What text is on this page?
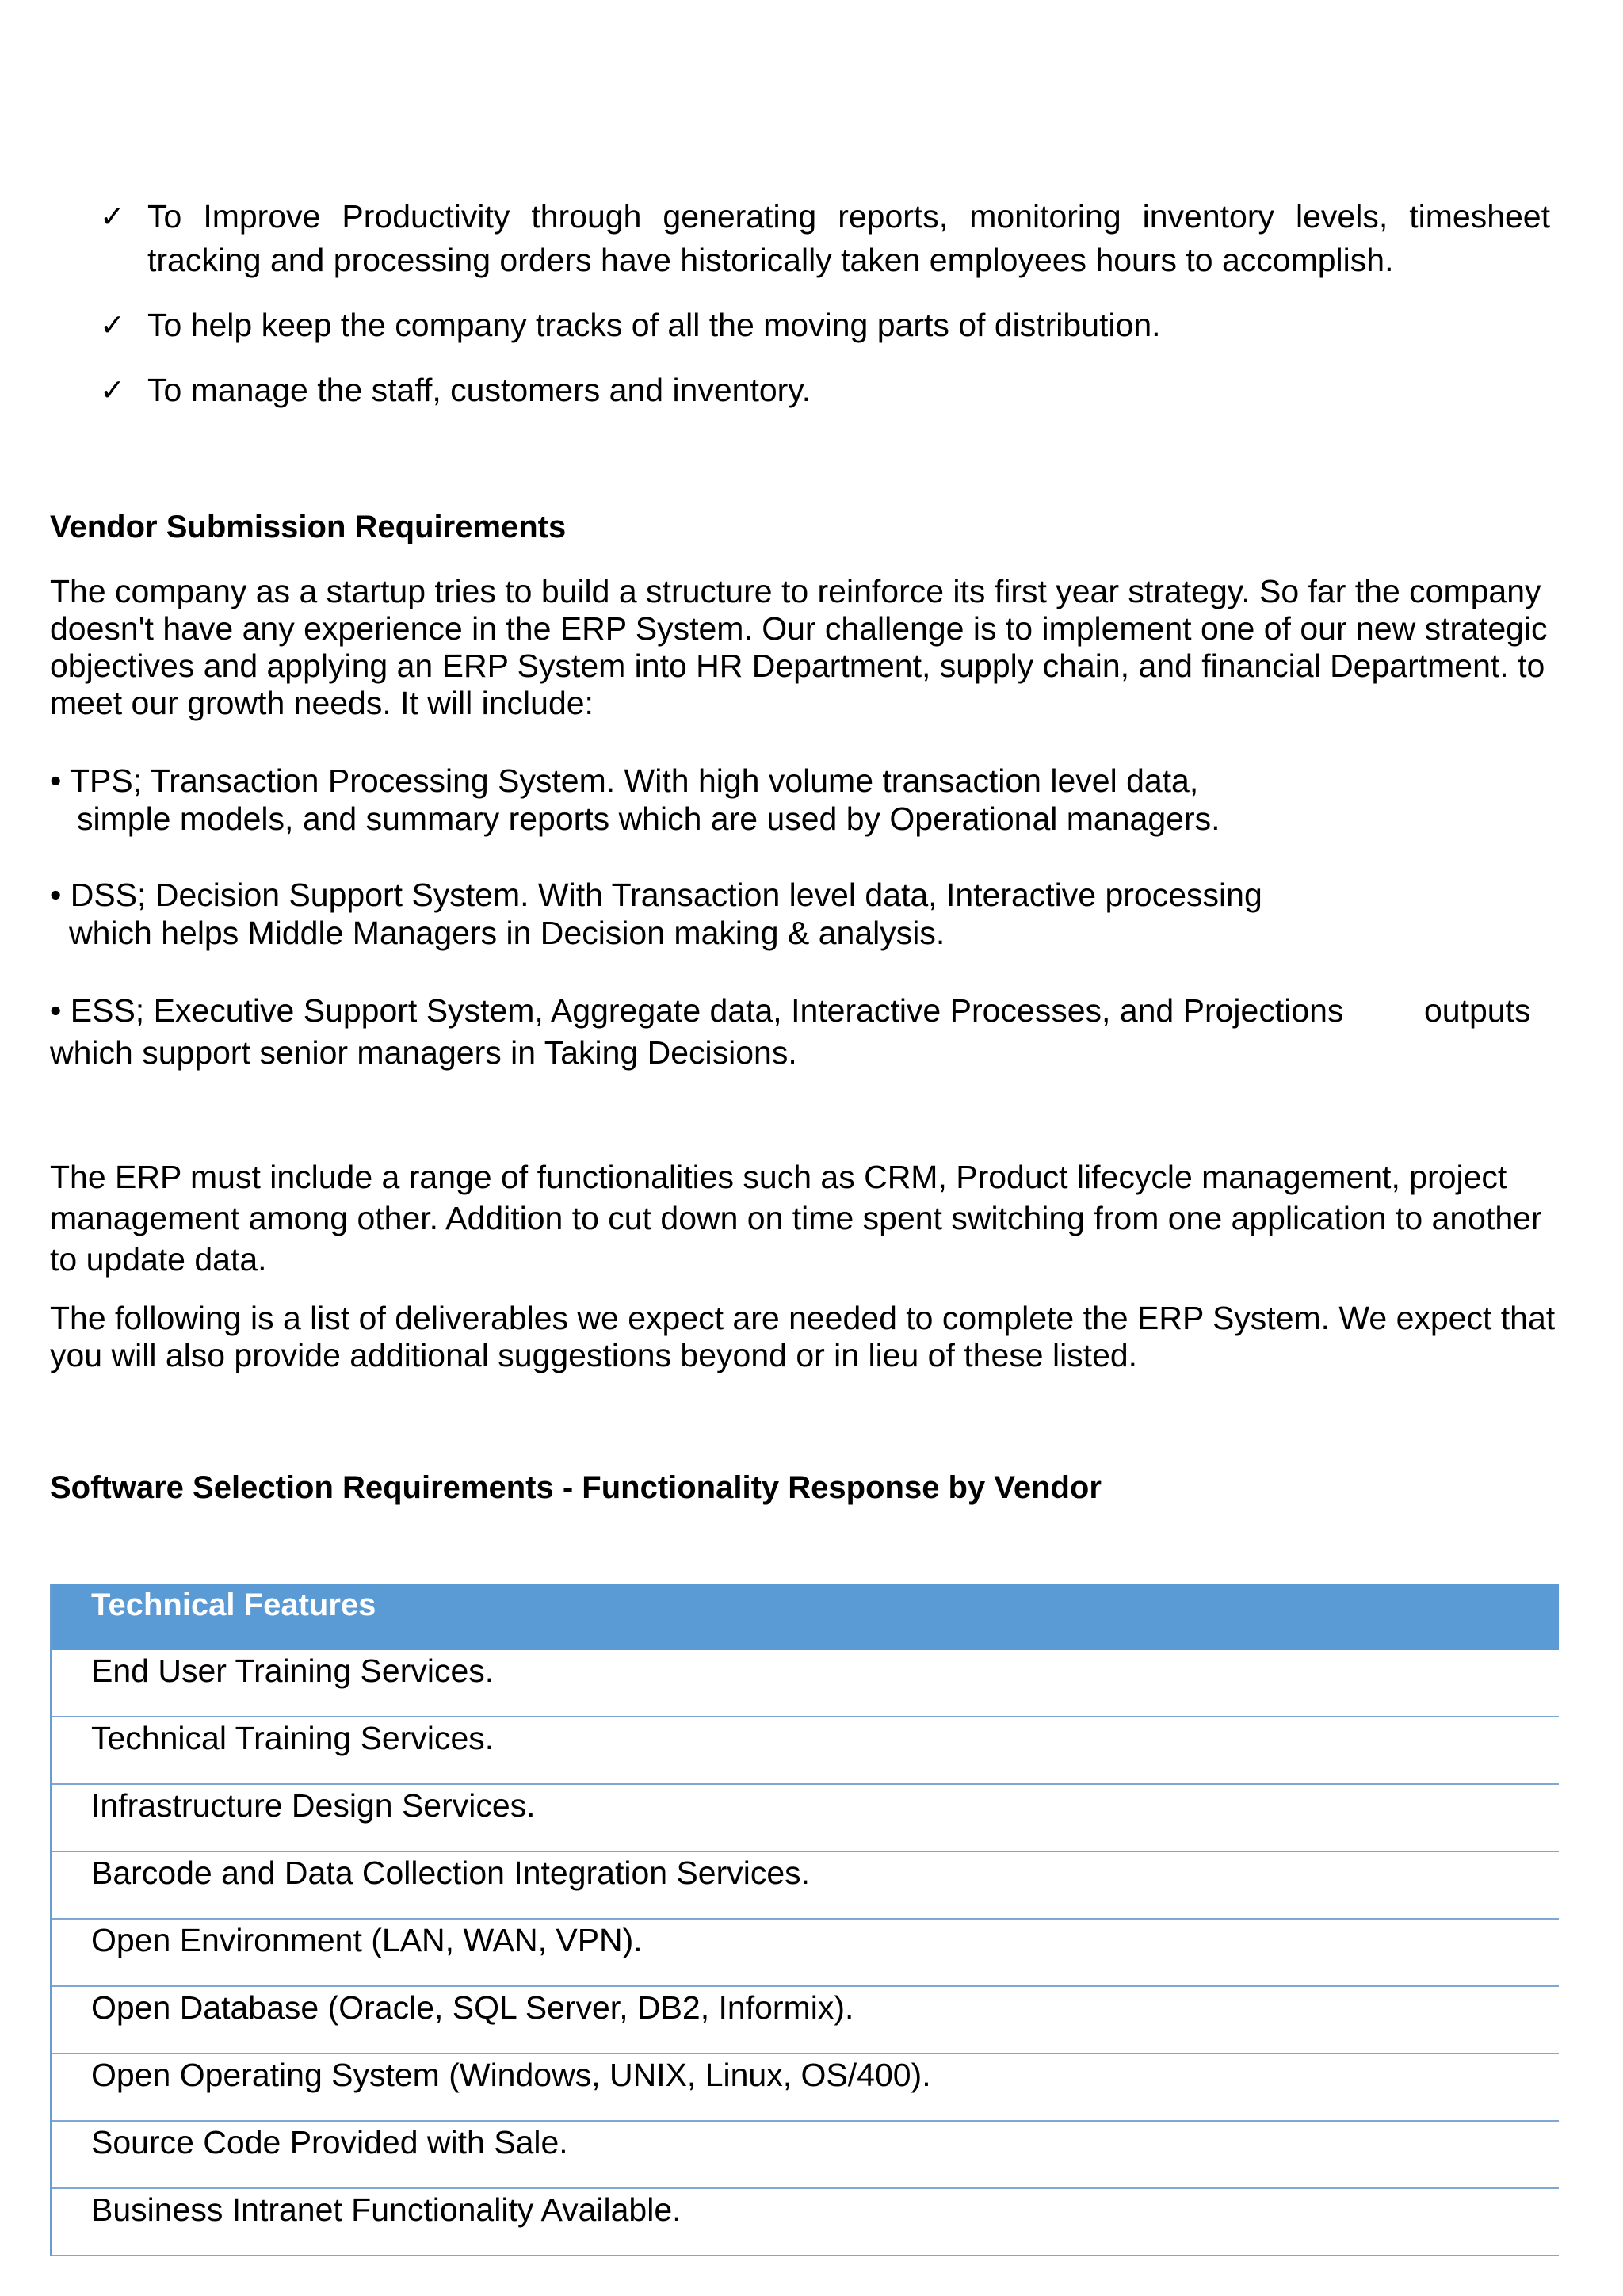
✓ To Improve Productivity through generating reports, monitoring inventory levels, timesheet tracking and processing orders have historically taken employees hours to accomplish.
✓ To help keep the company tracks of all the moving parts of distribution.
✓ To manage the staff, customers and inventory.
Vendor Submission Requirements

The company as a startup tries to build a structure to reinforce its first year strategy. So far the company doesn't have any experience in the ERP System. Our challenge is to implement one of our new strategic objectives and applying an ERP System into HR Department, supply chain, and financial Department. to meet our growth needs. It will include:

• TPS; Transaction Processing System. With high volume transaction level data,
simple models, and summary reports which are used by Operational managers.
• DSS; Decision Support System. With Transaction level data, Interactive processing
which helps Middle Managers in Decision making & analysis.
• ESS; Executive Support System, Aggregate data, Interactive Processes, and Projections	outputs
which support senior managers in Taking Decisions.

The ERP must include a range of functionalities such as CRM, Product lifecycle management, project management among other. Addition to cut down on time spent switching from one application to another to update data.

The following is a list of deliverables we expect are needed to complete the ERP System. We expect that you will also provide additional suggestions beyond or in lieu of these listed.

Software Selection Requirements - Functionality Response by Vendor
Technical Features
End User Training Services.
Technical Training Services.
Infrastructure Design Services.
Barcode and Data Collection Integration Services.
Open Environment (LAN, WAN, VPN).
Open Database (Oracle, SQL Server, DB2, Informix).
Open Operating System (Windows, UNIX, Linux, OS/400).
Source Code Provided with Sale.
Business Intranet Functionality Available.
